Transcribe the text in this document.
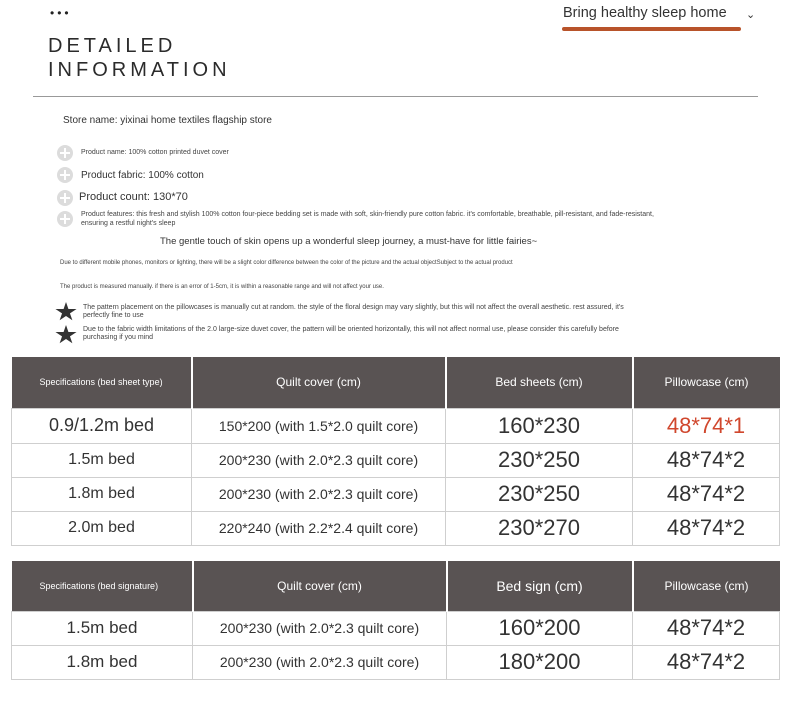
•••	Bring healthy sleep home ⌄
DETAILED
INFORMATION
Store name: yixinai home textiles flagship store
Product name: 100% cotton printed duvet cover
Product fabric: 100% cotton
Product count: 130*70
Product features: this fresh and stylish 100% cotton four-piece bedding set is made with soft, skin-friendly pure cotton fabric. it's comfortable, breathable, pill-resistant, and fade-resistant, ensuring a restful night's sleep
The gentle touch of skin opens up a wonderful sleep journey, a must-have for little fairies~
Due to different mobile phones, monitors or lighting, there will be a slight color difference between the color of the picture and the actual objectSubject to the actual product
The product is measured manually. if there is an error of 1-5cm, it is within a reasonable range and will not affect your use.
The pattern placement on the pillowcases is manually cut at random. the style of the floral design may vary slightly, but this will not affect the overall aesthetic. rest assured, it's perfectly fine to use
Due to the fabric width limitations of the 2.0 large-size duvet cover, the pattern will be oriented horizontally, this will not affect normal use, please consider this carefully before purchasing if you mind
Specifications (bed sheet type)	Quilt cover (cm)	Bed sheets (cm)	Pillowcase (cm)
0.9/1.2m bed	150*200 (with 1.5*2.0 quilt core)	160*230	48*74*1
1.5m bed	200*230 (with 2.0*2.3 quilt core)	230*250	48*74*2
1.8m bed	200*230 (with 2.0*2.3 quilt core)	230*250	48*74*2
2.0m bed	220*240 (with 2.2*2.4 quilt core)	230*270	48*74*2
Specifications (bed signature)	Quilt cover (cm)	Bed sign (cm)	Pillowcase (cm)
1.5m bed	200*230 (with 2.0*2.3 quilt core)	160*200	48*74*2
1.8m bed	200*230 (with 2.0*2.3 quilt core)	180*200	48*74*2
